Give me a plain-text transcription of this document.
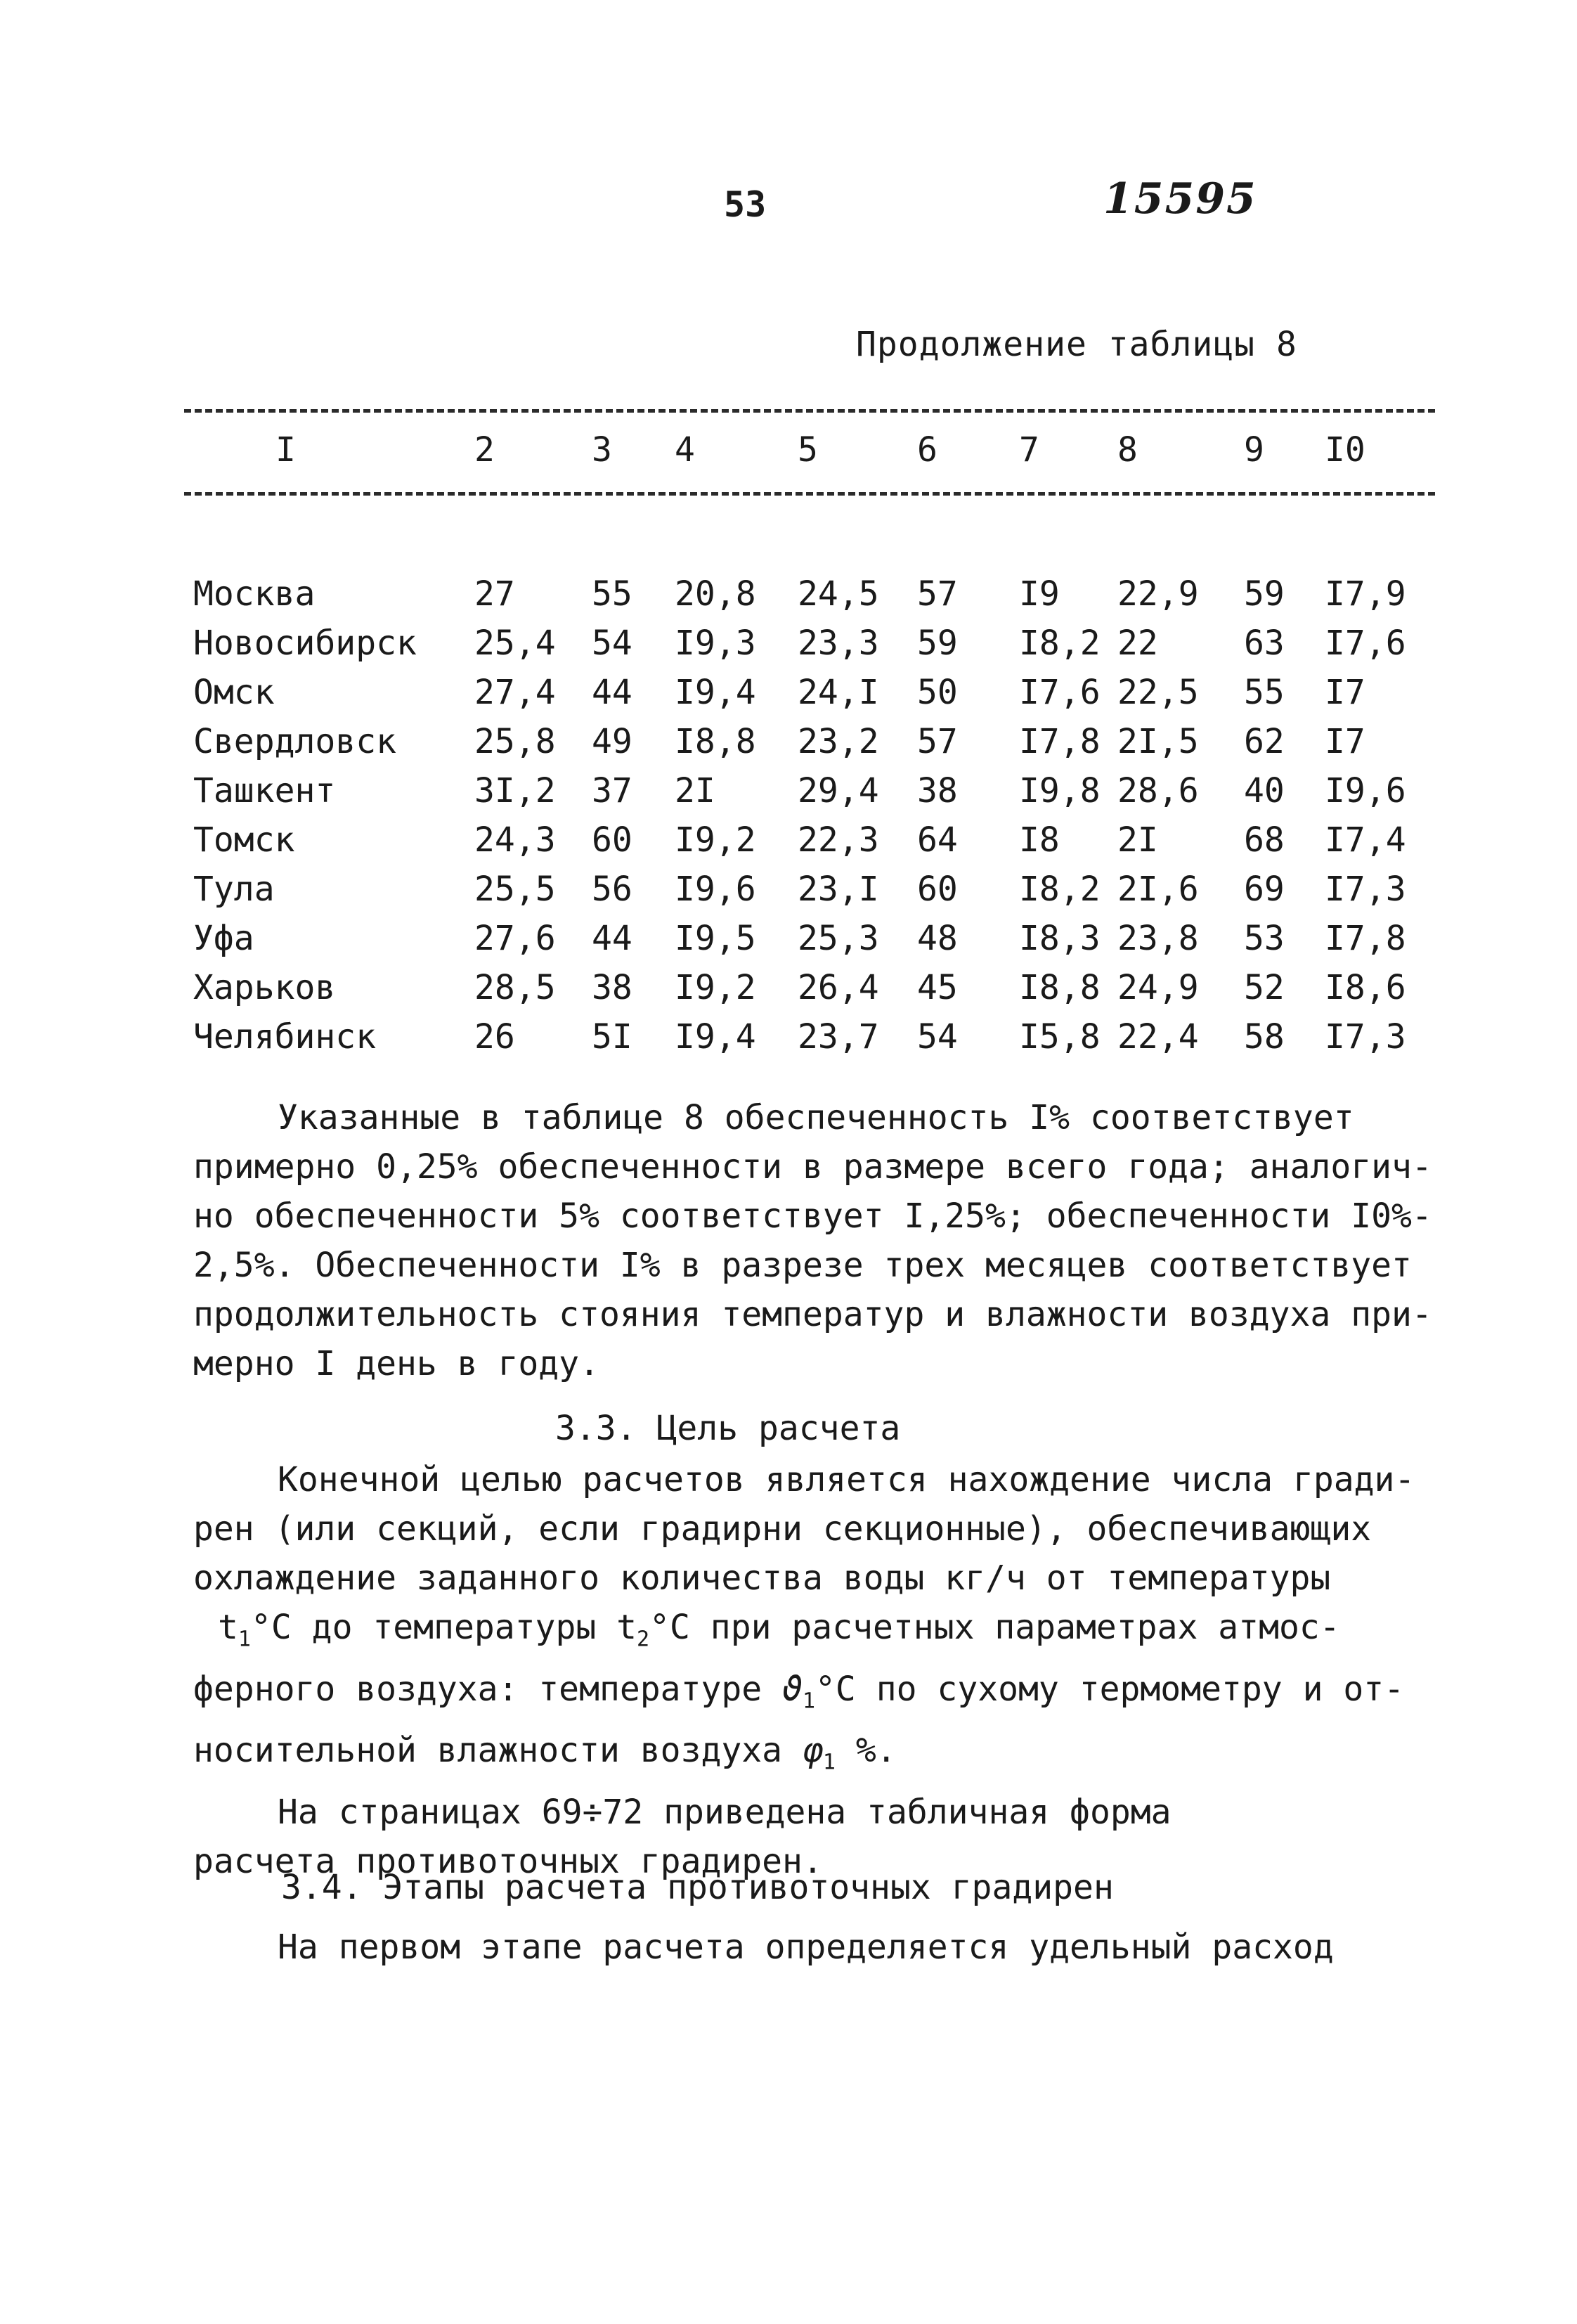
53	15595
Продолжение таблицы 8
I	2	3 4	5	6 7 8	9 I0
Москва	27 55 20,8 24,5 57 I9 22,9 59 I7,9
Новосибирск 25,4 54 I9,3 23,3 59 I8,2 22	63 I7,6
Омск	27,4 44 I9,4 24,I 50 I7,6 22,5 55 I7
Свердловск 25,8 49 I8,8 23,2 57 I7,8 2I,5 62 I7
Ташкент	3I,2 37 2I 29,4 38 I9,8 28,6 40 I9,6
Томск	24,3 60 I9,2 22,3 64 I8 2I	68 I7,4
Тула	25,5 56 I9,6 23,I 60 I8,2 2I,6 69 I7,3
Уфа	27,6 44 I9,5 25,3 48 I8,3 23,8 53 I7,8
Харьков	28,5 38 I9,2 26,4 45 I8,8 24,9 52 I8,6
Челябинск	26 5I I9,4 23,7 54 I5,8 22,4 58 I7,3

Указанные в таблице 8 обеспеченность I% соответствует

примерно 0,25% обеспеченности в размере всего года; аналогич-

но обеспеченности 5% соответствует I,25%; обеспеченности I0%-

2,5%. Обеспеченности I% в разрезе трех месяцев соответствует

продолжительность стояния температур и влажности воздуха при-

мерно I день в году.

3.3. Цель расчета

Конечной целью расчетов является нахождение числа гради-

рен (или секций, если градирни секционные), обеспечивающих

охлаждение заданного количества воды кг/ч от температуры

$t_1^\circ C$ до температуры $t_2^\circ C$ при расчетных параметрах атмос-

ферного воздуха: температуре $ϑ_1^\circ C$ по сухому термометру и от-

носительной влажности воздуха $\varphi_1$ %.

На страницах 69÷72 приведена табличная форма

расчета противоточных градирен.

3.4. Этапы расчета противоточных градирен

На первом этапе расчета определяется удельный расход
